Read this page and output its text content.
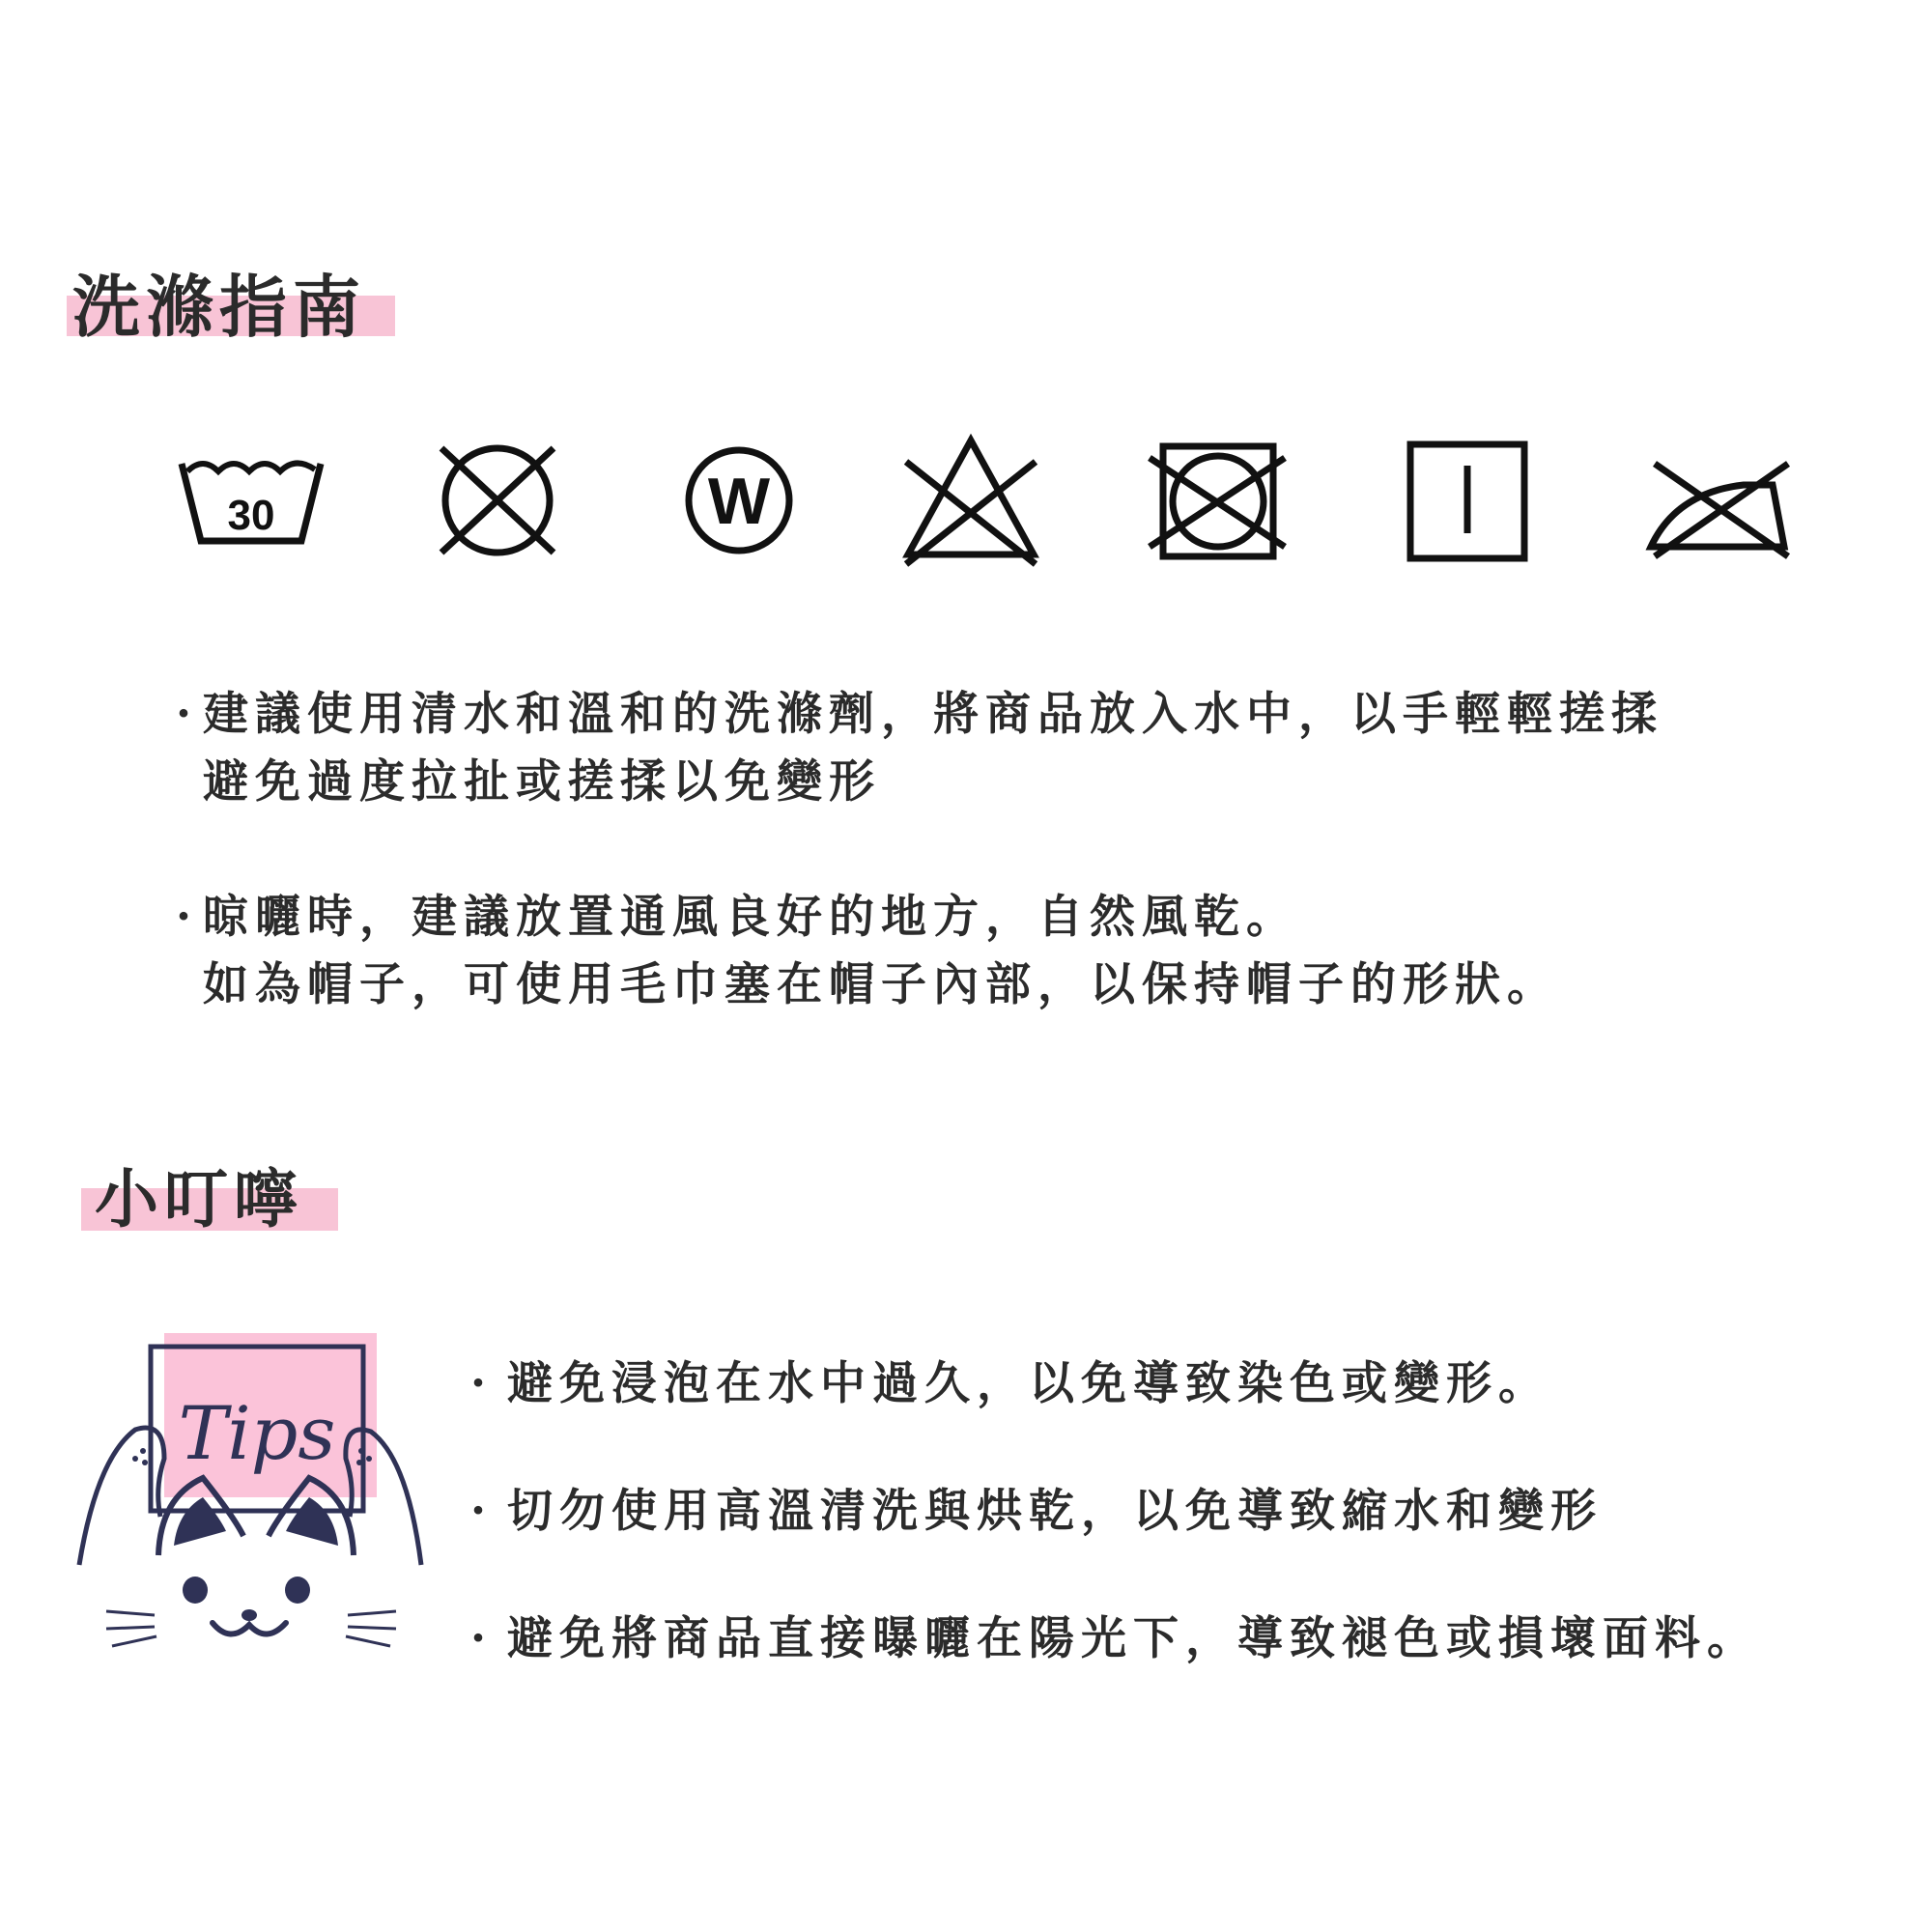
洗滌指南
30	W
・

建議使用清水和溫和的洗滌劑，將商品放入水中，以手輕輕搓揉

避免過度拉扯或搓揉以免變形

・

晾曬時，建議放置通風良好的地方，自然風乾。

如為帽子，可使用毛巾塞在帽子內部，以保持帽子的形狀。

小叮嚀
Tips
・ 避免浸泡在水中過久，以免導致染色或變形。

・ 切勿使用高溫清洗與烘乾，以免導致縮水和變形

・ 避免將商品直接曝曬在陽光下，導致褪色或損壞面料。
